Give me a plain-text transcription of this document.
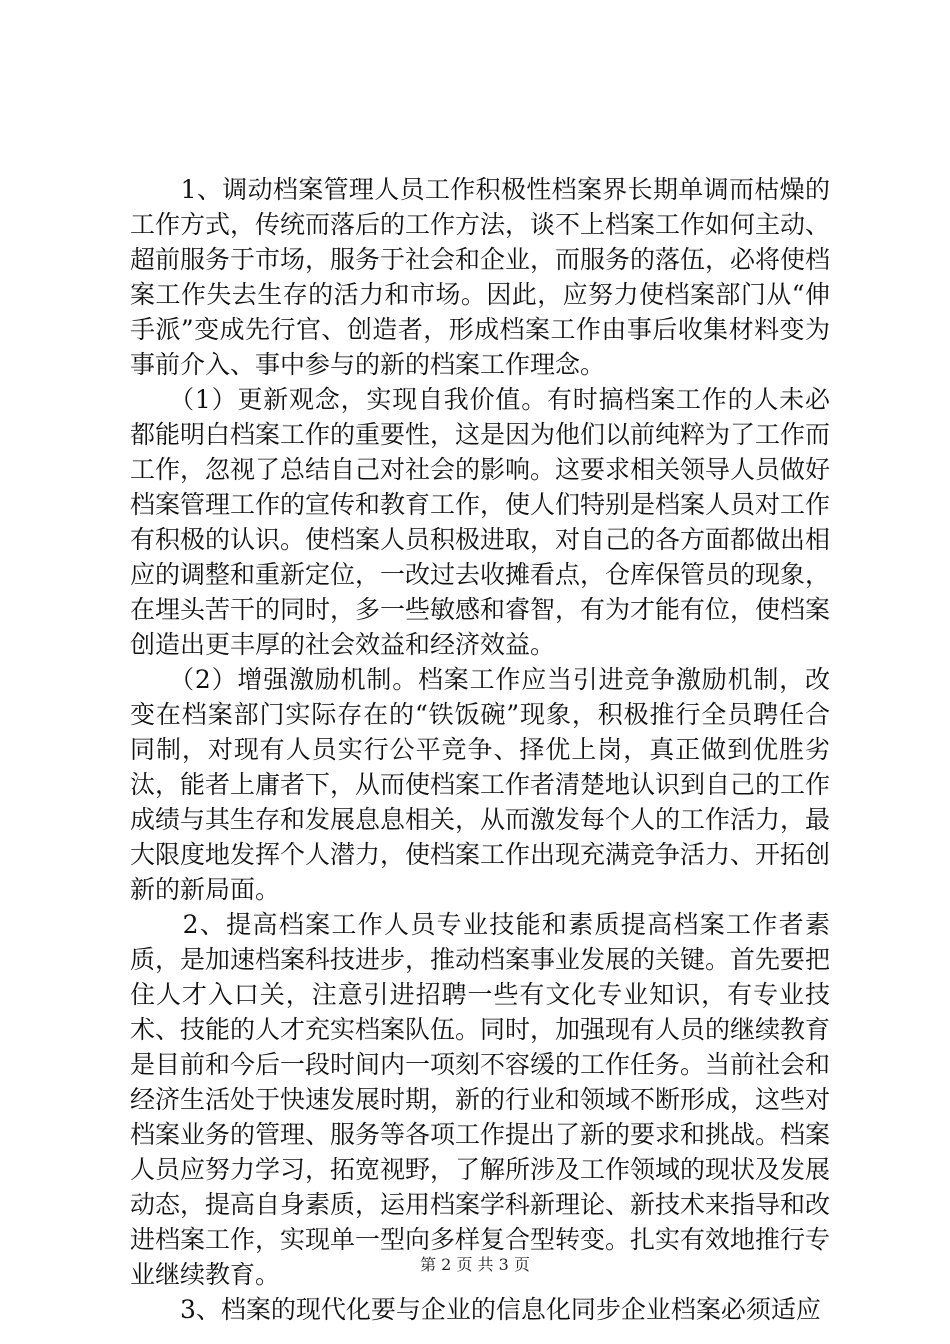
　　1、调动档案管理人员工作积极性档案界长期单调而枯燥的工作方式，传统而落后的工作方法，谈不上档案工作如何主动、超前服务于市场，服务于社会和企业，而服务的落伍，必将使档案工作失去生存的活力和市场。因此，应努力使档案部门从“伸手派”变成先行官、创造者，形成档案工作由事后收集材料变为事前介入、事中参与的新的档案工作理念。

　　（1）更新观念，实现自我价值。有时搞档案工作的人未必都能明白档案工作的重要性，这是因为他们以前纯粹为了工作而工作，忽视了总结自己对社会的影响。这要求相关领导人员做好档案管理工作的宣传和教育工作，使人们特别是档案人员对工作有积极的认识。使档案人员积极进取，对自己的各方面都做出相应的调整和重新定位，一改过去收摊看点，仓库保管员的现象，在埋头苦干的同时，多一些敏感和睿智，有为才能有位，使档案创造出更丰厚的社会效益和经济效益。

　　（2）增强激励机制。档案工作应当引进竞争激励机制，改变在档案部门实际存在的“铁饭碗”现象，积极推行全员聘任合同制，对现有人员实行公平竞争、择优上岗，真正做到优胜劣汰，能者上庸者下，从而使档案工作者清楚地认识到自己的工作成绩与其生存和发展息息相关，从而激发每个人的工作活力，最大限度地发挥个人潜力，使档案工作出现充满竞争活力、开拓创新的新局面。

　　2、提高档案工作人员专业技能和素质提高档案工作者素质，是加速档案科技进步，推动档案事业发展的关键。首先要把住人才入口关，注意引进招聘一些有文化专业知识，有专业技术、技能的人才充实档案队伍。同时，加强现有人员的继续教育是目前和今后一段时间内一项刻不容缓的工作任务。当前社会和经济生活处于快速发展时期，新的行业和领域不断形成，这些对档案业务的管理、服务等各项工作提出了新的要求和挑战。档案人员应努力学习，拓宽视野，了解所涉及工作领域的现状及发展动态，提高自身素质，运用档案学科新理论、新技术来指导和改进档案工作，实现单一型向多样复合型转变。扎实有效地推行专业继续教育。

　　3、档案的现代化要与企业的信息化同步企业档案必须适应

第 2 页 共 3 页
